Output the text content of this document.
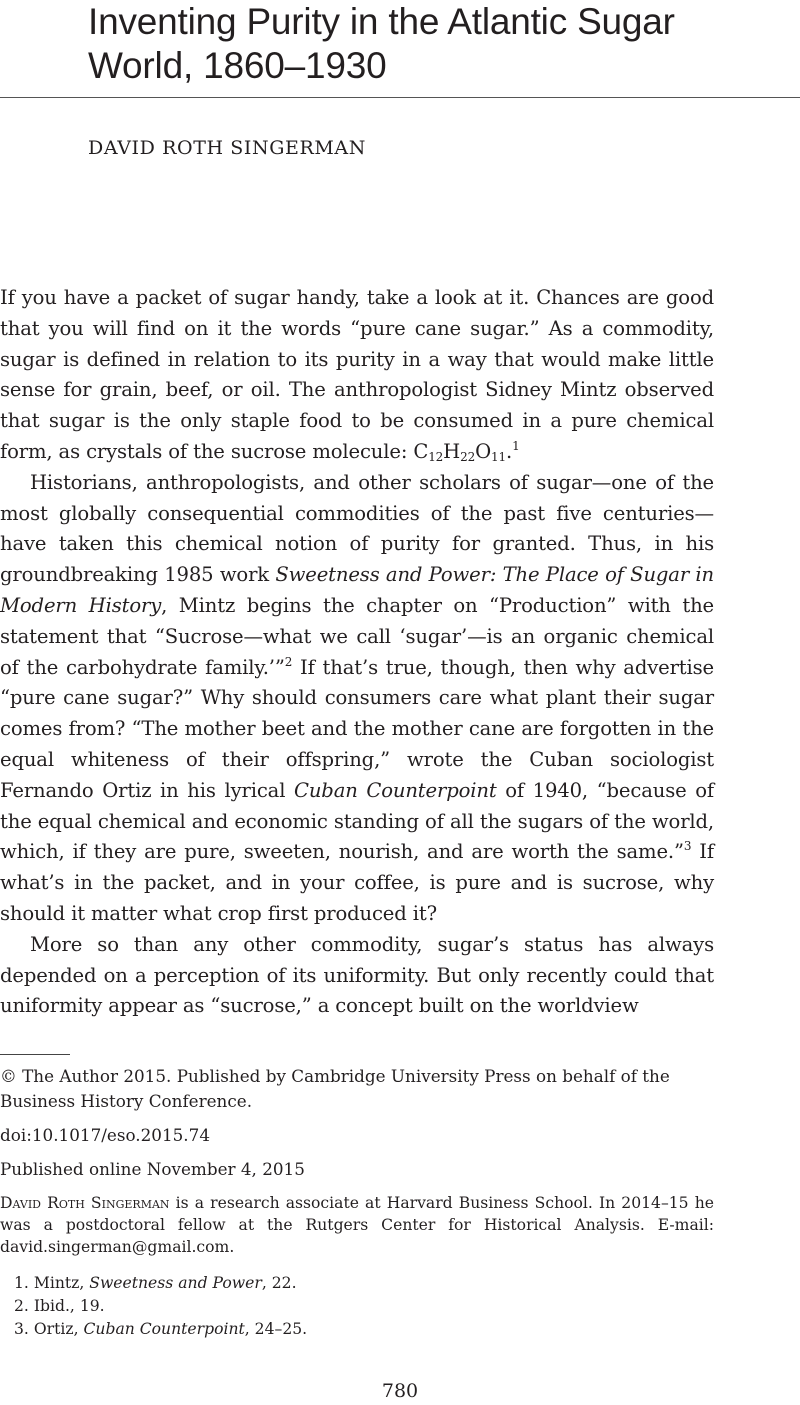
Inventing Purity in the Atlantic Sugar
World, 1860–1930

DAVID ROTH SINGERMAN

If you have a packet of sugar handy, take a look at it. Chances are good that you will find on it the words “pure cane sugar.” As a commodity, sugar is defined in relation to its purity in a way that would make little sense for grain, beef, or oil. The anthropologist Sidney Mintz observed that sugar is the only staple food to be consumed in a pure chemical form, as crystals of the sucrose molecule: $C_{12}H_{22}O_{11}.^1$

Historians, anthropologists, and other scholars of sugar—one of the most globally consequential commodities of the past five centuries—have taken this chemical notion of purity for granted. Thus, in his groundbreaking 1985 work Sweetness and Power: The Place of Sugar in Modern History, Mintz begins the chapter on “Production” with the statement that “Sucrose—what we call ‘sugar’—is an organic chemical of the carbohydrate family.’”$^2$ If that’s true, though, then why advertise “pure cane sugar?” Why should consumers care what plant their sugar comes from? “The mother beet and the mother cane are forgotten in the equal whiteness of their offspring,” wrote the Cuban sociologist Fernando Ortiz in his lyrical Cuban Counterpoint of 1940, “because of the equal chemical and economic standing of all the sugars of the world, which, if they are pure, sweeten, nourish, and are worth the same.”$^3$ If what’s in the packet, and in your coffee, is pure and is sucrose, why should it matter what crop first produced it?

More so than any other commodity, sugar’s status has always depended on a perception of its uniformity. But only recently could that uniformity appear as “sucrose,” a concept built on the worldview

© The Author 2015. Published by Cambridge University Press on behalf of the Business History Conference.

doi:10.1017/eso.2015.74

Published online November 4, 2015

David Roth Singerman is a research associate at Harvard Business School. In 2014–15 he was a postdoctoral fellow at the Rutgers Center for Historical Analysis. E-mail: david.singerman@gmail.com.

1. Mintz, Sweetness and Power, 22.
2. Ibid., 19.
3. Ortiz, Cuban Counterpoint, 24–25.
780
